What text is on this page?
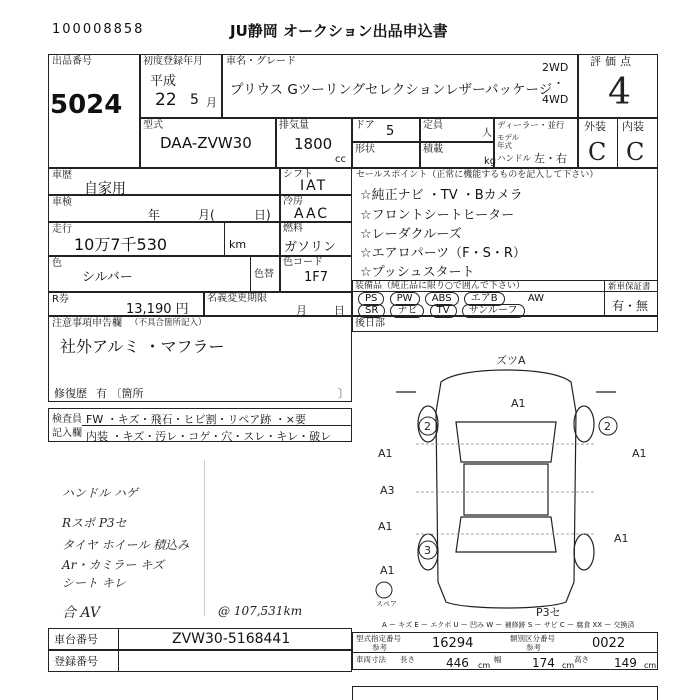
100008858	JU静岡 オークション出品申込書
出品番号
5024
初度登録年月
平成
22 5 月
車名・グレード
プリウス Gツーリングセレクションレザーパッケージ
2WD
・
4WD
評価点
4
外装 内装
C C
型式
DAA-ZVW30
排気量
1800
cc
ドア 5	定員
人
形状	積載
kg
ディーラー・並行
モデル年式
ハンドル 左・右
車歴
自家用
車検
年	月(	日)
走行
10万7千530	km
色
シルバー	色替
シフト
IAT
冷房
AAC
燃料
ガソリン
色コード
1F7
セールスポイント（正常に機能するものを記入して下さい）
☆純正ナビ ・TV ・Bカメラ
☆フロントシートヒーター
☆レーダクルーズ
☆エアロパーツ（F・S・R）
☆プッシュスタート
R券
13,190 円
名義変更期限
月 日
装備品（純正品に限り○で囲んで下さい）
PS PW ABS エアB	AW
SR ナビ TV サンルーフ
新車保証書
有・無
注意事項申告欄 （不具合箇所記入）
社外アルミ ・マフラー
修復歴 有 〔箇所	〕
後日部
検査員
記入欄
FW ・キズ・飛石・ヒビ割・リペア跡 ・×要
内装 ・キズ・汚レ・コゲ・穴・スレ・キレ・破レ
ハンドル ハゲ
Rスポ P3セ
タイヤ ホイール 積込み
Ar・カミラー キズ
シート キレ
合 AV	@ 107,531km
ズツA
A1
2
A1
2
A1
A1
A3
A1
3
A1
P3セ
スペア
A ー キズ E ー エクボ U ー 凹み W ー 補修跡 S ー サビ C ー 腐食 XX ー 交換済
車台番号	ZVW30-5168441
登録番号
型式指定番号
参考	16294	類別区分番号
参考	0022
車両寸法 長さ	446 cm
幅	174 cm
高さ 149 cm
